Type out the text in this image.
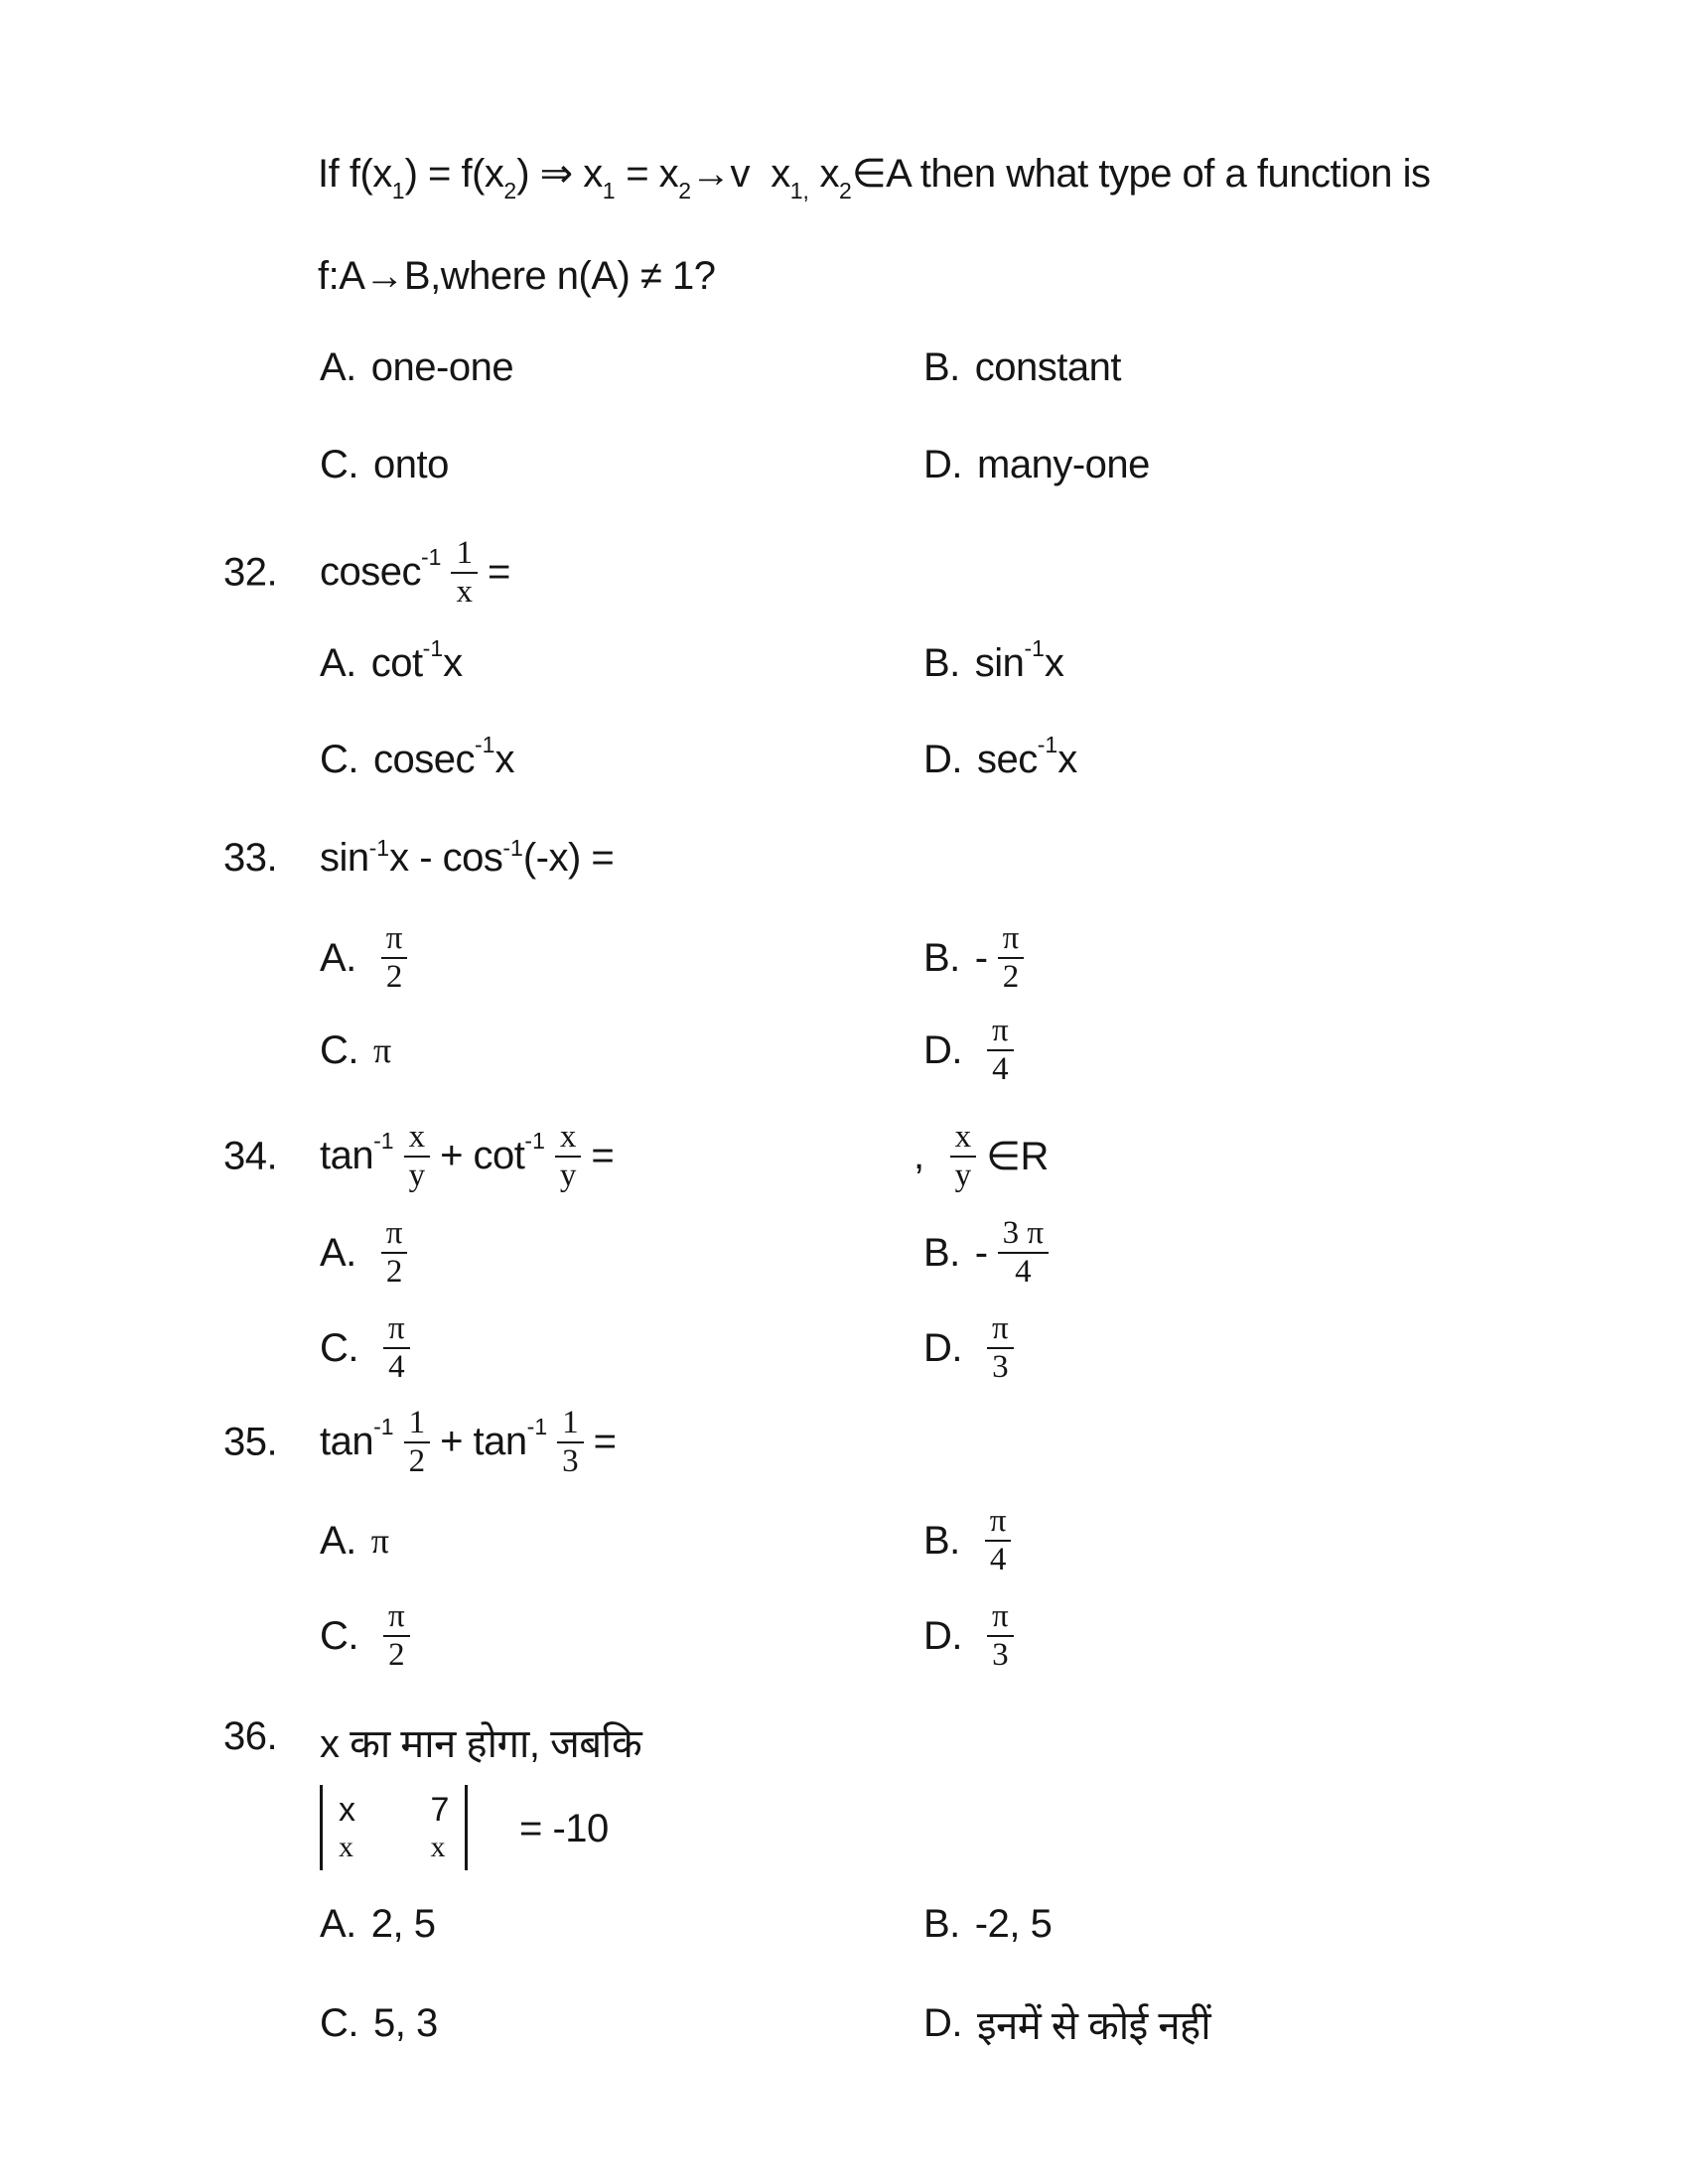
If $f(x_1) = f(x_2)$ ⇒ $x_1 = x_2\to v$  $x_{1,}$ $x_2\in A$ then what type of a function is
f:A→B,where n(A) ≠ 1?
A. one-one	B. constant
C. onto	D. many-one
32. cosec $-1 \frac{1}{x}$ =
A. cot -1 x	B. sin -1 x
C. cosec -1 x	D. sec -1 x
33. $\sin^{-1}x - \cos^{-1}(-x)$ =
A. $\frac{\pi}{2}$	B. - $\frac{\pi}{2}$
C. π	D. $\frac{\pi}{4}$
34. $\tan -1 \frac{x}{y} + \cot -1 \frac{x}{y}$ =	, $\frac{x}{y}$ ∈R
A. $\frac{\pi}{2}$	B. - $\frac{3 \pi}{4}$
C. $\frac{\pi}{4}$	D. $\frac{\pi}{3}$
35. $\tan -1 \frac{1}{2} + \tan -1 \frac{1}{3}$ =
A. π	B. $\frac{\pi}{4}$
C. $\frac{\pi}{2}$	D. $\frac{\pi}{3}$
36. x का मान होगा, जबकि
x 7
x	x = -10
A. 2, 5	B. -2, 5
C. 5, 3	D. इनमें से कोई नहीं
